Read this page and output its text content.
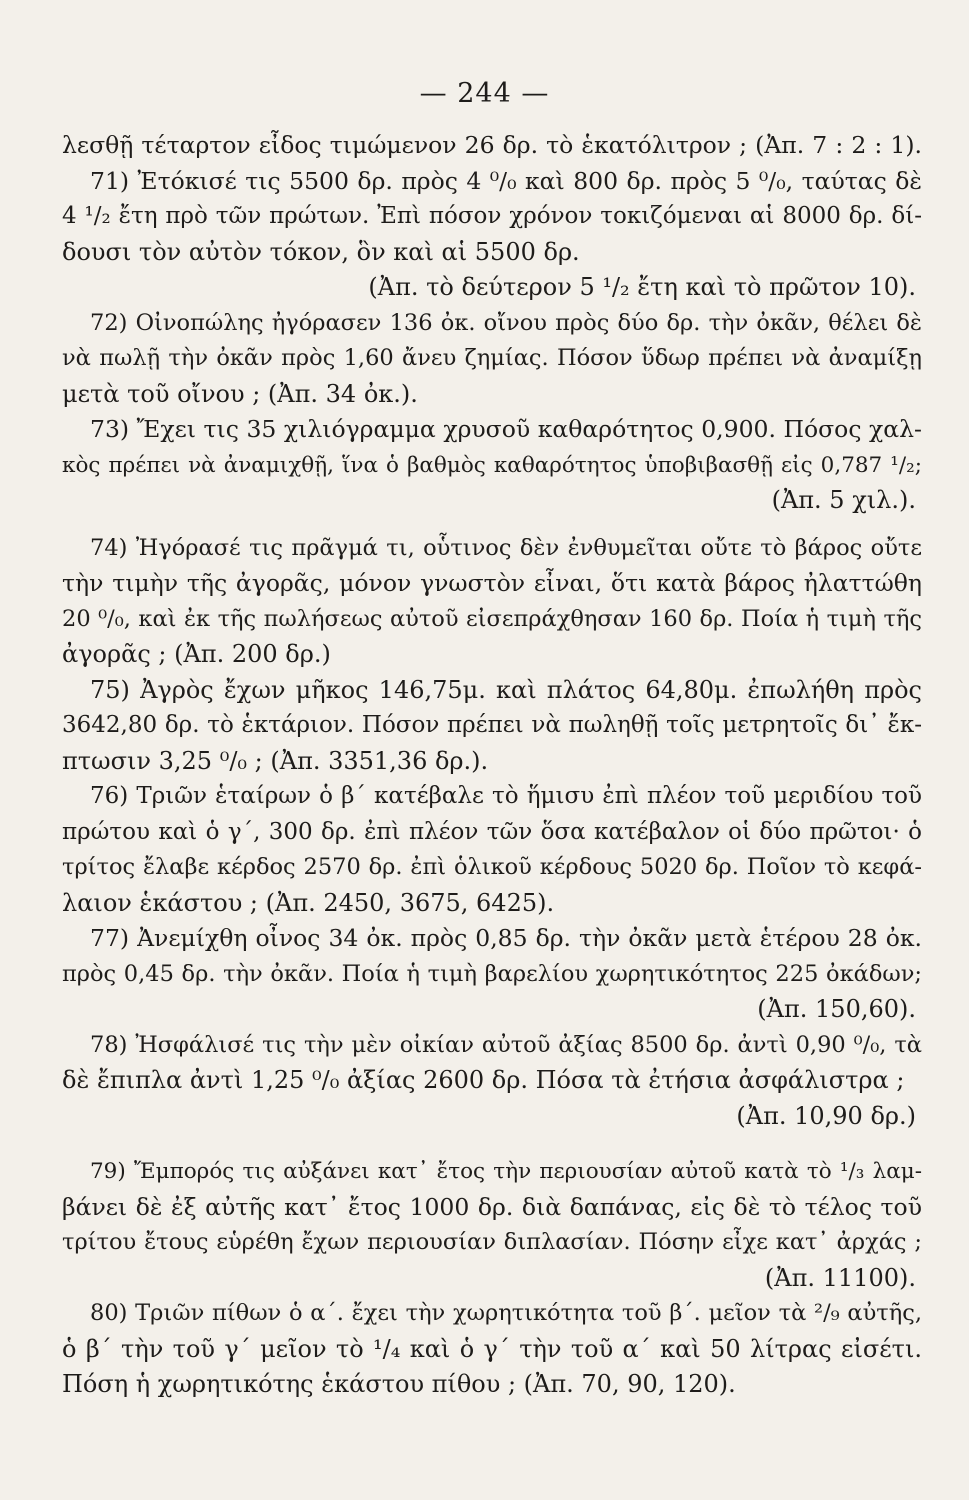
— 244 —
λεσθῇ τέταρτον εἶδος τιμώμενον 26 δρ. τὸ ἑκατόλιτρον ; (Ἀπ. 7 : 2 : 1).
71) Ἐτόκισέ τις 5500 δρ. πρὸς 4 ⁰/₀ καὶ 800 δρ. πρὸς 5 ⁰/₀, ταύτας δὲ
4 ¹/₂ ἔτη πρὸ τῶν πρώτων. Ἐπὶ πόσον χρόνον τοκιζόμεναι αἱ 8000 δρ. δί-
δουσι τὸν αὐτὸν τόκον, ὃν καὶ αἱ 5500 δρ.
(Ἀπ. τὸ δεύτερον 5 ¹/₂ ἔτη καὶ τὸ πρῶτον 10).
72) Οἰνοπώλης ἠγόρασεν 136 ὀκ. οἴνου πρὸς δύο δρ. τὴν ὀκᾶν, θέλει δὲ
νὰ πωλῇ τὴν ὀκᾶν πρὸς 1,60 ἄνευ ζημίας. Πόσον ὕδωρ πρέπει νὰ ἀναμίξῃ
μετὰ τοῦ οἴνου ; (Ἀπ. 34 ὀκ.).
73) Ἔχει τις 35 χιλιόγραμμα χρυσοῦ καθαρότητος 0,900. Πόσος χαλ-
κὸς πρέπει νὰ ἀναμιχθῇ, ἵνα ὁ βαθμὸς καθαρότητος ὑποβιβασθῇ εἰς 0,787 ¹/₂;
(Ἀπ. 5 χιλ.).
74) Ἠγόρασέ τις πρᾶγμά τι, οὗτινος δὲν ἐνθυμεῖται οὔτε τὸ βάρος οὔτε
τὴν τιμὴν τῆς ἀγορᾶς, μόνον γνωστὸν εἶναι, ὅτι κατὰ βάρος ἠλαττώθη
20 ⁰/₀, καὶ ἐκ τῆς πωλήσεως αὐτοῦ εἰσεπράχθησαν 160 δρ. Ποία ἡ τιμὴ τῆς
ἀγορᾶς ; (Ἀπ. 200 δρ.)
75) Ἀγρὸς ἔχων μῆκος 146,75μ. καὶ πλάτος 64,80μ. ἐπωλήθη πρὸς
3642,80 δρ. τὸ ἑκτάριον. Πόσον πρέπει νὰ πωληθῇ τοῖς μετρητοῖς δι᾽ ἔκ-
πτωσιν 3,25 ⁰/₀ ; (Ἀπ. 3351,36 δρ.).
76) Τριῶν ἑταίρων ὁ β΄ κατέβαλε τὸ ἥμισυ ἐπὶ πλέον τοῦ μεριδίου τοῦ
πρώτου καὶ ὁ γ΄, 300 δρ. ἐπὶ πλέον τῶν ὅσα κατέβαλον οἱ δύο πρῶτοι· ὁ
τρίτος ἔλαβε κέρδος 2570 δρ. ἐπὶ ὁλικοῦ κέρδους 5020 δρ. Ποῖον τὸ κεφά-
λαιον ἑκάστου ; (Ἀπ. 2450, 3675, 6425).
77) Ἀνεμίχθη οἶνος 34 ὀκ. πρὸς 0,85 δρ. τὴν ὀκᾶν μετὰ ἑτέρου 28 ὀκ.
πρὸς 0,45 δρ. τὴν ὀκᾶν. Ποία ἡ τιμὴ βαρελίου χωρητικότητος 225 ὀκάδων;
(Ἀπ. 150,60).
78) Ἠσφάλισέ τις τὴν μὲν οἰκίαν αὐτοῦ ἀξίας 8500 δρ. ἀντὶ 0,90 ⁰/₀, τὰ
δὲ ἔπιπλα ἀντὶ 1,25 ⁰/₀ ἀξίας 2600 δρ. Πόσα τὰ ἐτήσια ἀσφάλιστρα ;
(Ἀπ. 10,90 δρ.)
79) Ἔμπορός τις αὐξάνει κατ᾽ ἔτος τὴν περιουσίαν αὐτοῦ κατὰ τὸ ¹/₃ λαμ-
βάνει δὲ ἐξ αὐτῆς κατ᾽ ἔτος 1000 δρ. διὰ δαπάνας, εἰς δὲ τὸ τέλος τοῦ
τρίτου ἔτους εὑρέθη ἔχων περιουσίαν διπλασίαν. Πόσην εἶχε κατ᾽ ἀρχάς ;
(Ἀπ. 11100).
80) Τριῶν πίθων ὁ α΄. ἔχει τὴν χωρητικότητα τοῦ β΄. μεῖον τὰ ²/₉ αὐτῆς,
ὁ β΄ τὴν τοῦ γ΄ μεῖον τὸ ¹/₄ καὶ ὁ γ΄ τὴν τοῦ α΄ καὶ 50 λίτρας εἰσέτι.
Πόση ἡ χωρητικότης ἑκάστου πίθου ; (Ἀπ. 70, 90, 120).
